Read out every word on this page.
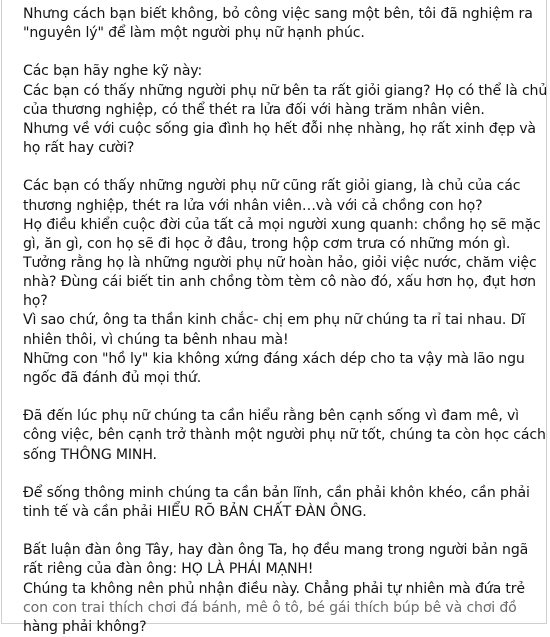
Nhưng cách bạn biết không, bỏ công việc sang một bên, tôi đã nghiệm ra
"nguyên lý" để làm một người phụ nữ hạnh phúc.
Các bạn hãy nghe kỹ này:
Các bạn có thấy những người phụ nữ bên ta rất giỏi giang? Họ có thể là chủ
của thương nghiệp, có thể thét ra lửa đối với hàng trăm nhân viên.
Nhưng về với cuộc sống gia đình họ hết đỗi nhẹ nhàng, họ rất xinh đẹp và
họ rất hay cười?
Các bạn có thấy những người phụ nữ cũng rất giỏi giang, là chủ của các
thương nghiệp, thét ra lửa với nhân viên…và với cả chồng con họ?
Họ điều khiển cuộc đời của tất cả mọi người xung quanh: chồng họ sẽ mặc
gì, ăn gì, con họ sẽ đi học ở đâu, trong hộp cơm trưa có những món gì.
Tưởng rằng họ là những người phụ nữ hoàn hảo, giỏi việc nước, chăm việc
nhà? Đùng cái biết tin anh chồng tòm tèm cô nào đó, xấu hơn họ, đụt hơn
họ?
Vì sao chứ, ông ta thần kinh chắc- chị em phụ nữ chúng ta rỉ tai nhau. Dĩ
nhiên thôi, vì chúng ta bênh nhau mà!
Những con "hồ ly" kia không xứng đáng xách dép cho ta vậy mà lão ngu
ngốc đã đánh đủ mọi thứ.
Đã đến lúc phụ nữ chúng ta cần hiểu rằng bên cạnh sống vì đam mê, vì
công việc, bên cạnh trở thành một người phụ nữ tốt, chúng ta còn học cách
sống THÔNG MINH.
Để sống thông minh chúng ta cần bản lĩnh, cần phải khôn khéo, cần phải
tinh tế và cần phải HIỂU RÕ BẢN CHẤT ĐÀN ÔNG.
Bất luận đàn ông Tây, hay đàn ông Ta, họ đều mang trong người bản ngã
rất riêng của đàn ông: HỌ LÀ PHÁI MẠNH!
Chúng ta không nên phủ nhận điều này. Chẳng phải tự nhiên mà đứa trẻ
con con trai thích chơi đá bánh, mê ô tô, bé gái thích búp bê và chơi đồ
hàng phải không?
